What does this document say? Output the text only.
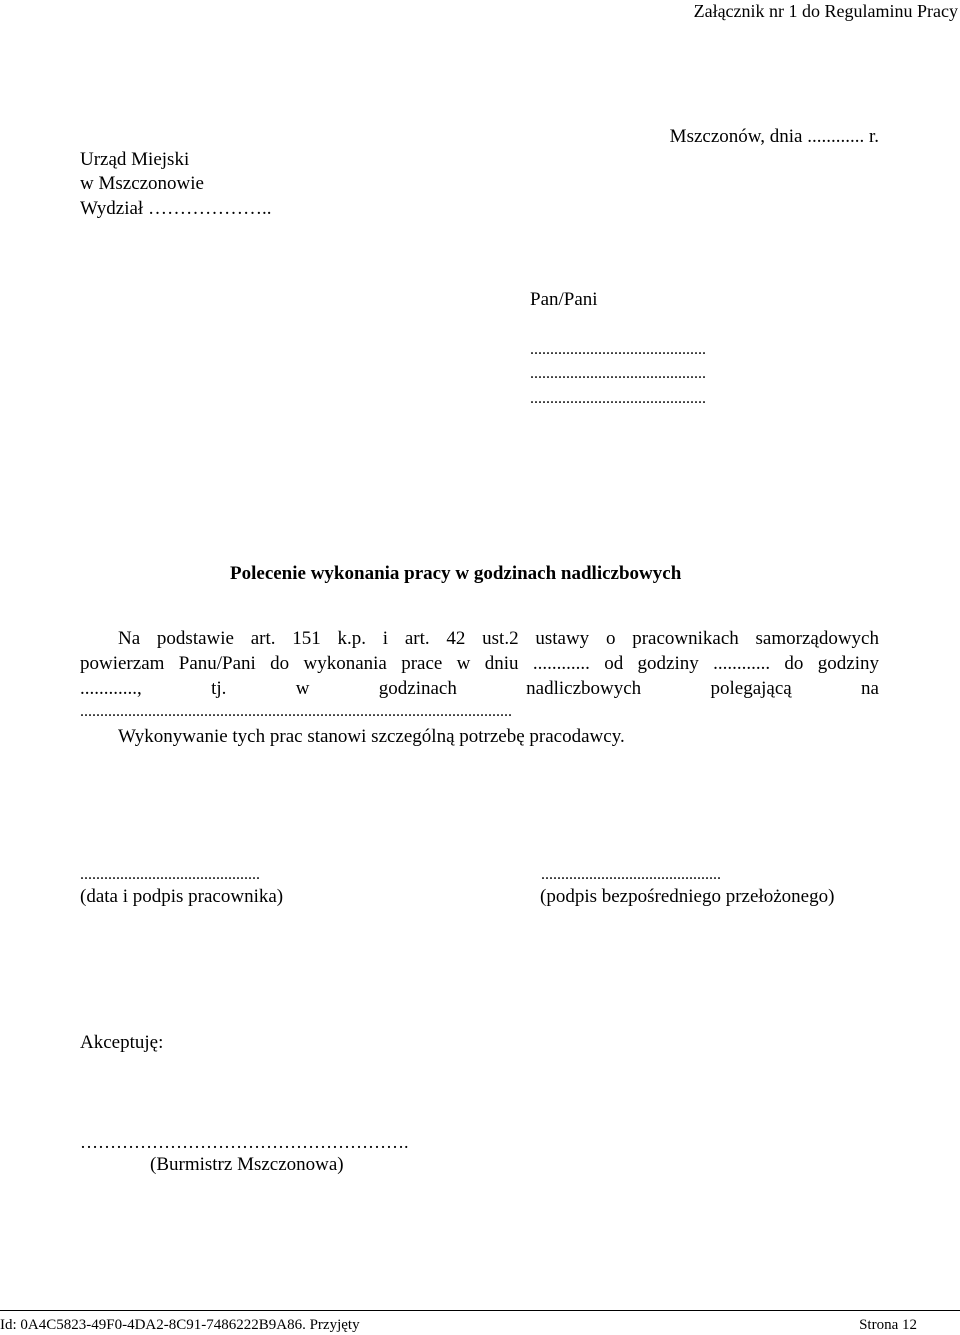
Załącznik nr 1 do Regulaminu Pracy
Urząd Miejski
w Mszczonowie
Wydział ………………..
Mszczonów, dnia ............ r.
Pan/Pani
............................................
............................................
............................................
Polecenie wykonania pracy w godzinach nadliczbowych
Na podstawie art. 151 k.p. i art. 42 ust.2 ustawy o pracownikach samorządowych
powierzam Panu/Pani do wykonania prace w dniu ............ od godziny ............ do godziny
............, tj. w godzinach nadliczbowych polegającą na
............................................................................................................
Wykonywanie tych prac stanowi szczególną potrzebę pracodawcy.
.............................................
(data i podpis pracownika)
.............................................
(podpis bezpośredniego przełożonego)
Akceptuję:
……………………………………………….
(Burmistrz Mszczonowa)
Id: 0A4C5823-49F0-4DA2-8C91-7486222B9A86. Przyjęty	Strona 12
